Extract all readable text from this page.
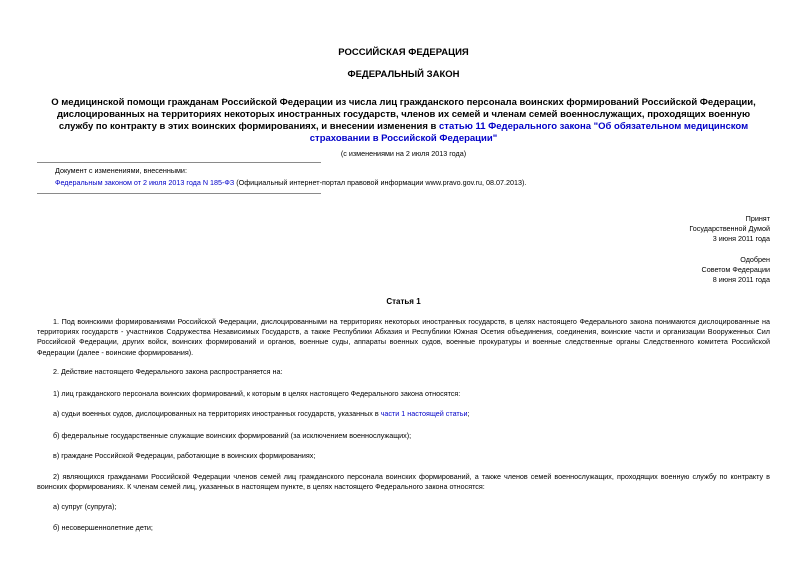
РОССИЙСКАЯ ФЕДЕРАЦИЯ
ФЕДЕРАЛЬНЫЙ ЗАКОН
О медицинской помощи гражданам Российской Федерации из числа лиц гражданского персонала воинских формирований Российской Федерации, дислоцированных на территориях некоторых иностранных государств, членов их семей и членам семей военнослужащих, проходящих военную службу по контракту в этих воинских формированиях, и внесении изменения в статью 11 Федерального закона "Об обязательном медицинском страховании в Российской Федерации"
(с изменениями на 2 июля 2013 года)
Документ с изменениями, внесенными:
Федеральным законом от 2 июля 2013 года N 185-ФЗ (Официальный интернет-портал правовой информации www.pravo.gov.ru, 08.07.2013).
Принят
Государственной Думой
3 июня 2011 года
Одобрен
Советом Федерации
8 июня 2011 года
Статья 1
1. Под воинскими формированиями Российской Федерации, дислоцированными на территориях некоторых иностранных государств, в целях настоящего Федерального закона понимаются дислоцированные на территориях государств - участников Содружества Независимых Государств, а также Республики Абхазия и Республики Южная Осетия объединения, соединения, воинские части и организации Вооруженных Сил Российской Федерации, других войск, воинских формирований и органов, военные суды, аппараты военных судов, военные прокуратуры и военные следственные органы Следственного комитета Российской Федерации (далее - воинские формирования).
2. Действие настоящего Федерального закона распространяется на:
1) лиц гражданского персонала воинских формирований, к которым в целях настоящего Федерального закона относятся:
а) судьи военных судов, дислоцированных на территориях иностранных государств, указанных в части 1 настоящей статьи;
б) федеральные государственные служащие воинских формирований (за исключением военнослужащих);
в) граждане Российской Федерации, работающие в воинских формированиях;
2) являющихся гражданами Российской Федерации членов семей лиц гражданского персонала воинских формирований, а также членов семей военнослужащих, проходящих военную службу по контракту в воинских формированиях. К членам семей лиц, указанных в настоящем пункте, в целях настоящего Федерального закона относятся:
а) супруг (супруга);
б) несовершеннолетние дети;
